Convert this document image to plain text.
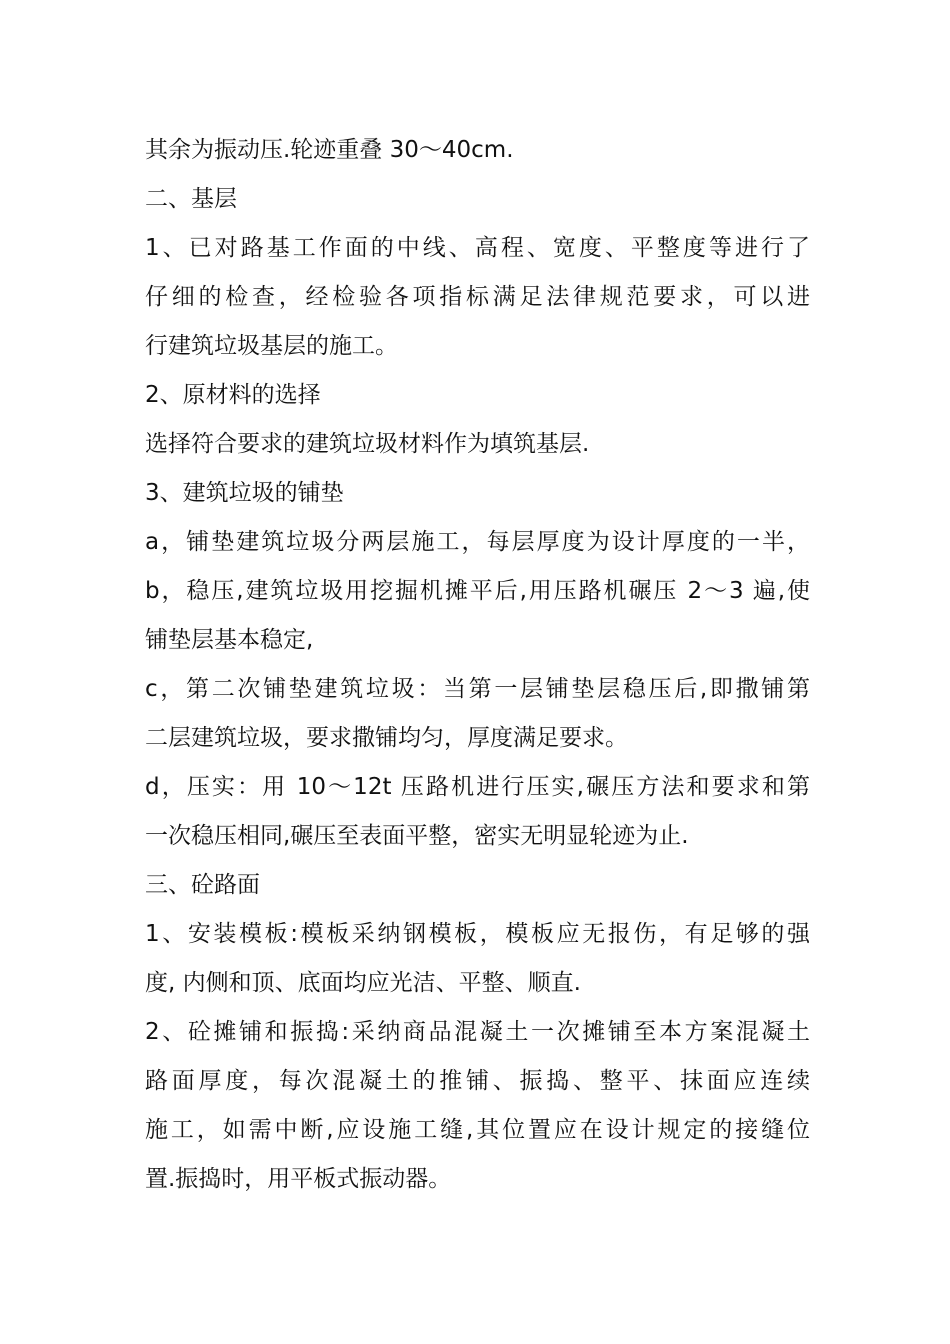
其余为振动压.轮迹重叠 30～40cm.
二、基层
1、已对路基工作面的中线、高程、宽度、平整度等进行了
仔细的检查，经检验各项指标满足法律规范要求，可以进
行建筑垃圾基层的施工。
2、原材料的选择
选择符合要求的建筑垃圾材料作为填筑基层.
3、建筑垃圾的铺垫
a，铺垫建筑垃圾分两层施工，每层厚度为设计厚度的一半，
b，稳压,建筑垃圾用挖掘机摊平后,用压路机碾压 2～3 遍,使
铺垫层基本稳定,
c，第二次铺垫建筑垃圾：当第一层铺垫层稳压后,即撒铺第
二层建筑垃圾，要求撒铺均匀，厚度满足要求。
d，压实：用 10～12t 压路机进行压实,碾压方法和要求和第
一次稳压相同,碾压至表面平整，密实无明显轮迹为止.
三、砼路面
1、安装模板:模板采纳钢模板，模板应无报伤，有足够的强
度, 内侧和顶、底面均应光洁、平整、顺直.
2、砼摊铺和振捣:采纳商品混凝土一次摊铺至本方案混凝土
路面厚度，每次混凝土的推铺、振捣、整平、抹面应连续
施工，如需中断,应设施工缝,其位置应在设计规定的接缝位
置.振捣时，用平板式振动器。
